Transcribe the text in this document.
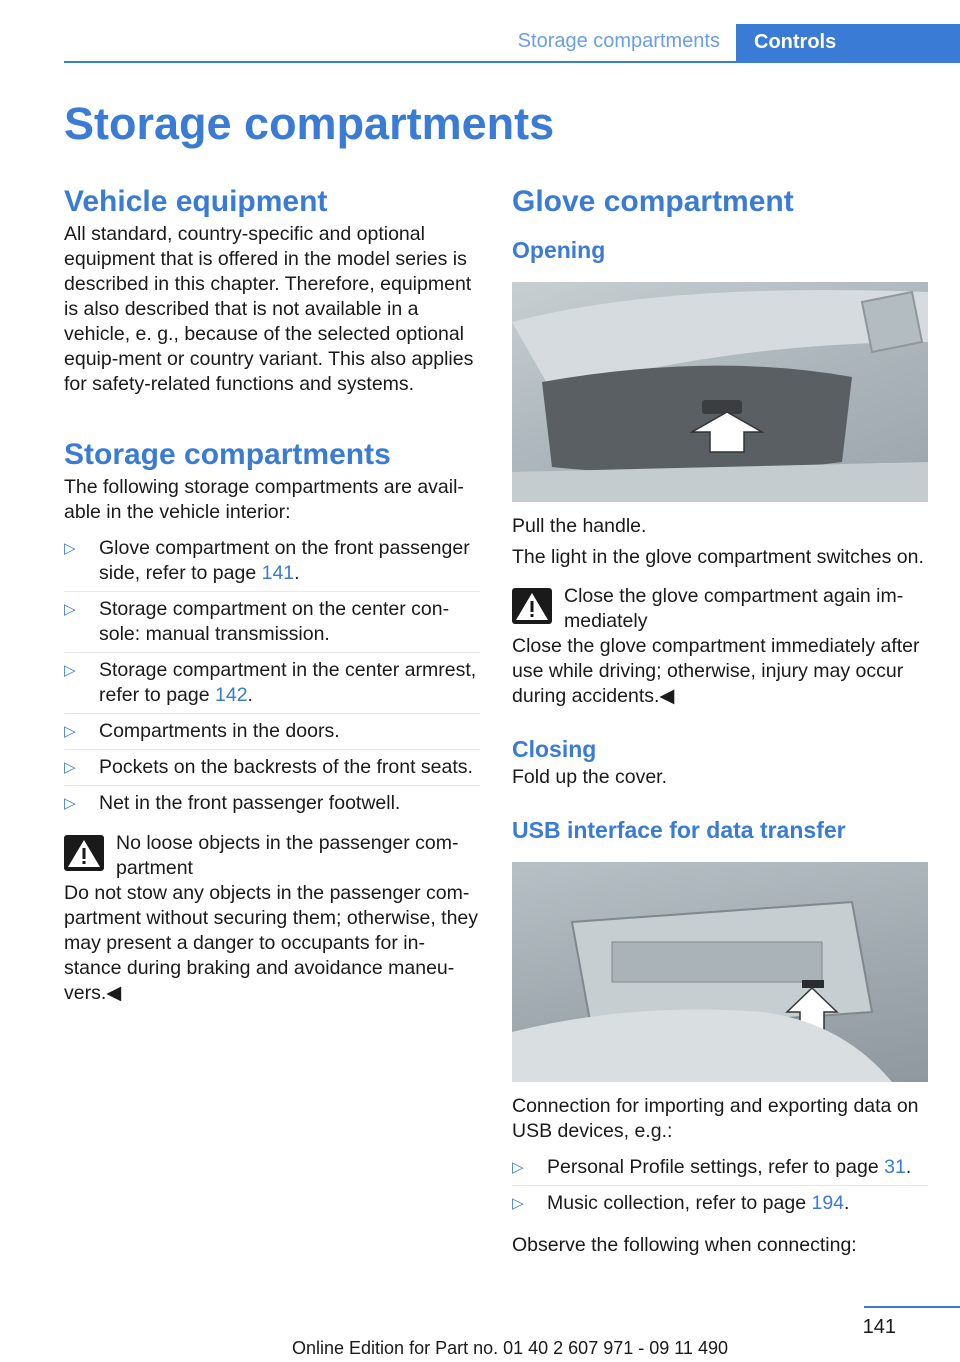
Storage compartments	Controls
Storage compartments
Vehicle equipment

All standard, country-specific and optional equipment that is offered in the model series is described in this chapter. Therefore, equipment is also described that is not available in a vehicle, e. g., because of the selected optional equip-ment or country variant. This also applies for safety-related functions and systems.

Storage compartments

The following storage compartments are avail-able in the vehicle interior:

▷ Glove compartment on the front passenger side, refer to page 141.
▷ Storage compartment on the center con-sole: manual transmission.
▷ Storage compartment in the center armrest, refer to page 142.
▷ Compartments in the doors.
▷ Pockets on the backrests of the front seats.
▷ Net in the front passenger footwell.
No loose objects in the passenger com-partment

Do not stow any objects in the passenger com-partment without securing them; otherwise, they may present a danger to occupants for in-stance during braking and avoidance maneu-vers.◀

Glove compartment
Opening

Pull the handle.

The light in the glove compartment switches on.

Close the glove compartment again im-mediately

Close the glove compartment immediately after use while driving; otherwise, injury may occur during accidents.◀

Closing

Fold up the cover.

USB interface for data transfer

Connection for importing and exporting data on USB devices, e.g.:

▷ Personal Profile settings, refer to page 31.
▷ Music collection, refer to page 194.

Observe the following when connecting:

141
Online Edition for Part no. 01 40 2 607 971 - 09 11 490
